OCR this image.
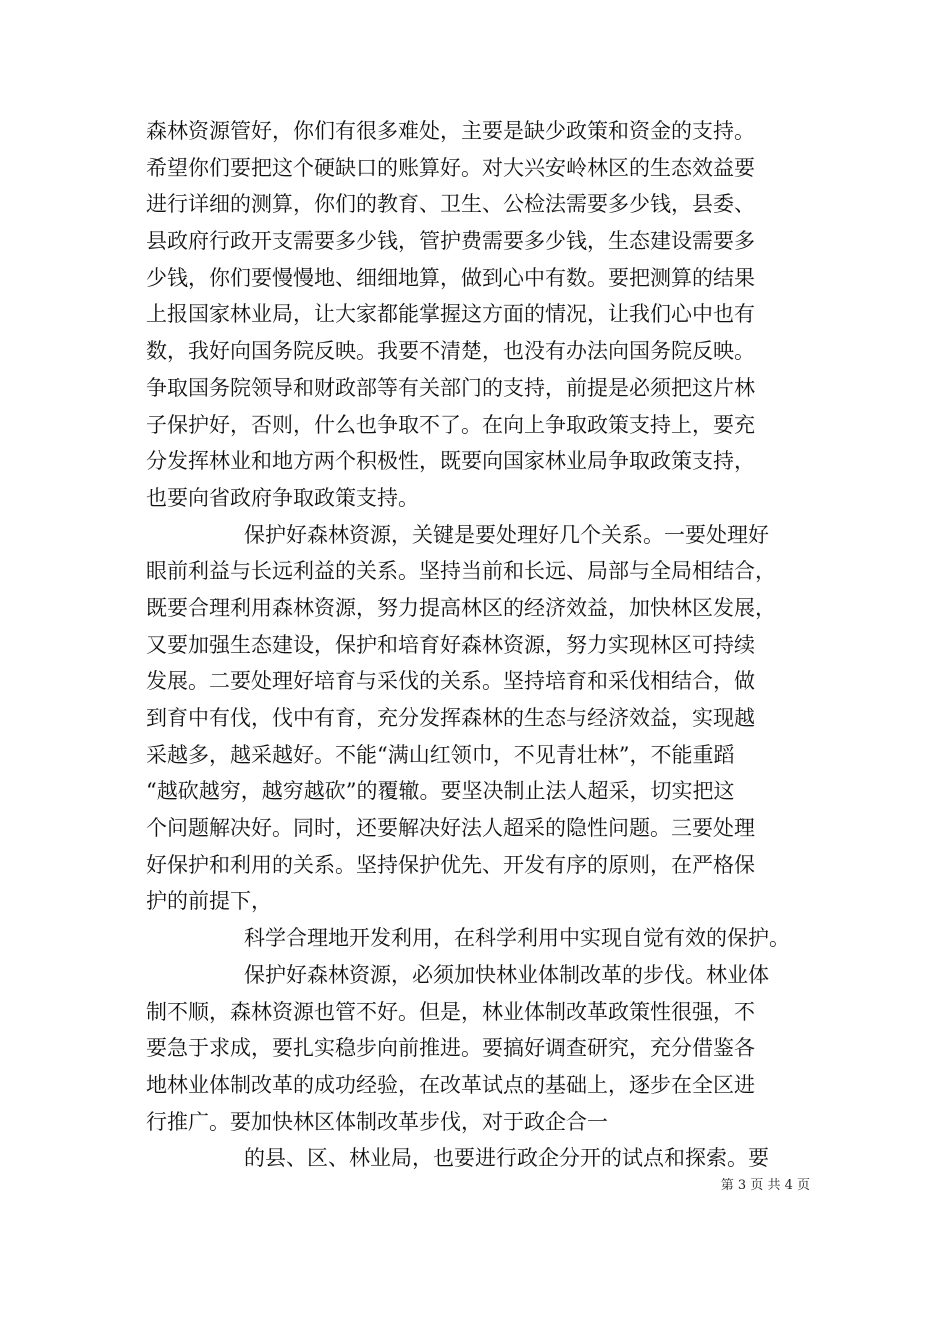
森林资源管好，你们有很多难处，主要是缺少政策和资金的支持。
希望你们要把这个硬缺口的账算好。对大兴安岭林区的生态效益要
进行详细的测算，你们的教育、卫生、公检法需要多少钱，县委、
县政府行政开支需要多少钱，管护费需要多少钱，生态建设需要多
少钱，你们要慢慢地、细细地算，做到心中有数。要把测算的结果
上报国家林业局，让大家都能掌握这方面的情况，让我们心中也有
数，我好向国务院反映。我要不清楚，也没有办法向国务院反映。
争取国务院领导和财政部等有关部门的支持，前提是必须把这片林
子保护好，否则，什么也争取不了。在向上争取政策支持上，要充
分发挥林业和地方两个积极性，既要向国家林业局争取政策支持，
也要向省政府争取政策支持。
保护好森林资源，关键是要处理好几个关系。一要处理好
眼前利益与长远利益的关系。坚持当前和长远、局部与全局相结合，
既要合理利用森林资源，努力提高林区的经济效益，加快林区发展，
又要加强生态建设，保护和培育好森林资源，努力实现林区可持续
发展。二要处理好培育与采伐的关系。坚持培育和采伐相结合，做
到育中有伐，伐中有育，充分发挥森林的生态与经济效益，实现越
采越多，越采越好。不能“满山红领巾，不见青壮林”，不能重蹈
“越砍越穷，越穷越砍”的覆辙。要坚决制止法人超采，切实把这
个问题解决好。同时，还要解决好法人超采的隐性问题。三要处理
好保护和利用的关系。坚持保护优先、开发有序的原则，在严格保
护的前提下，
科学合理地开发利用，在科学利用中实现自觉有效的保护。
保护好森林资源，必须加快林业体制改革的步伐。林业体
制不顺，森林资源也管不好。但是，林业体制改革政策性很强，不
要急于求成，要扎实稳步向前推进。要搞好调查研究，充分借鉴各
地林业体制改革的成功经验，在改革试点的基础上，逐步在全区进
行推广。要加快林区体制改革步伐，对于政企合一
的县、区、林业局，也要进行政企分开的试点和探索。要
第 3 页 共 4 页
